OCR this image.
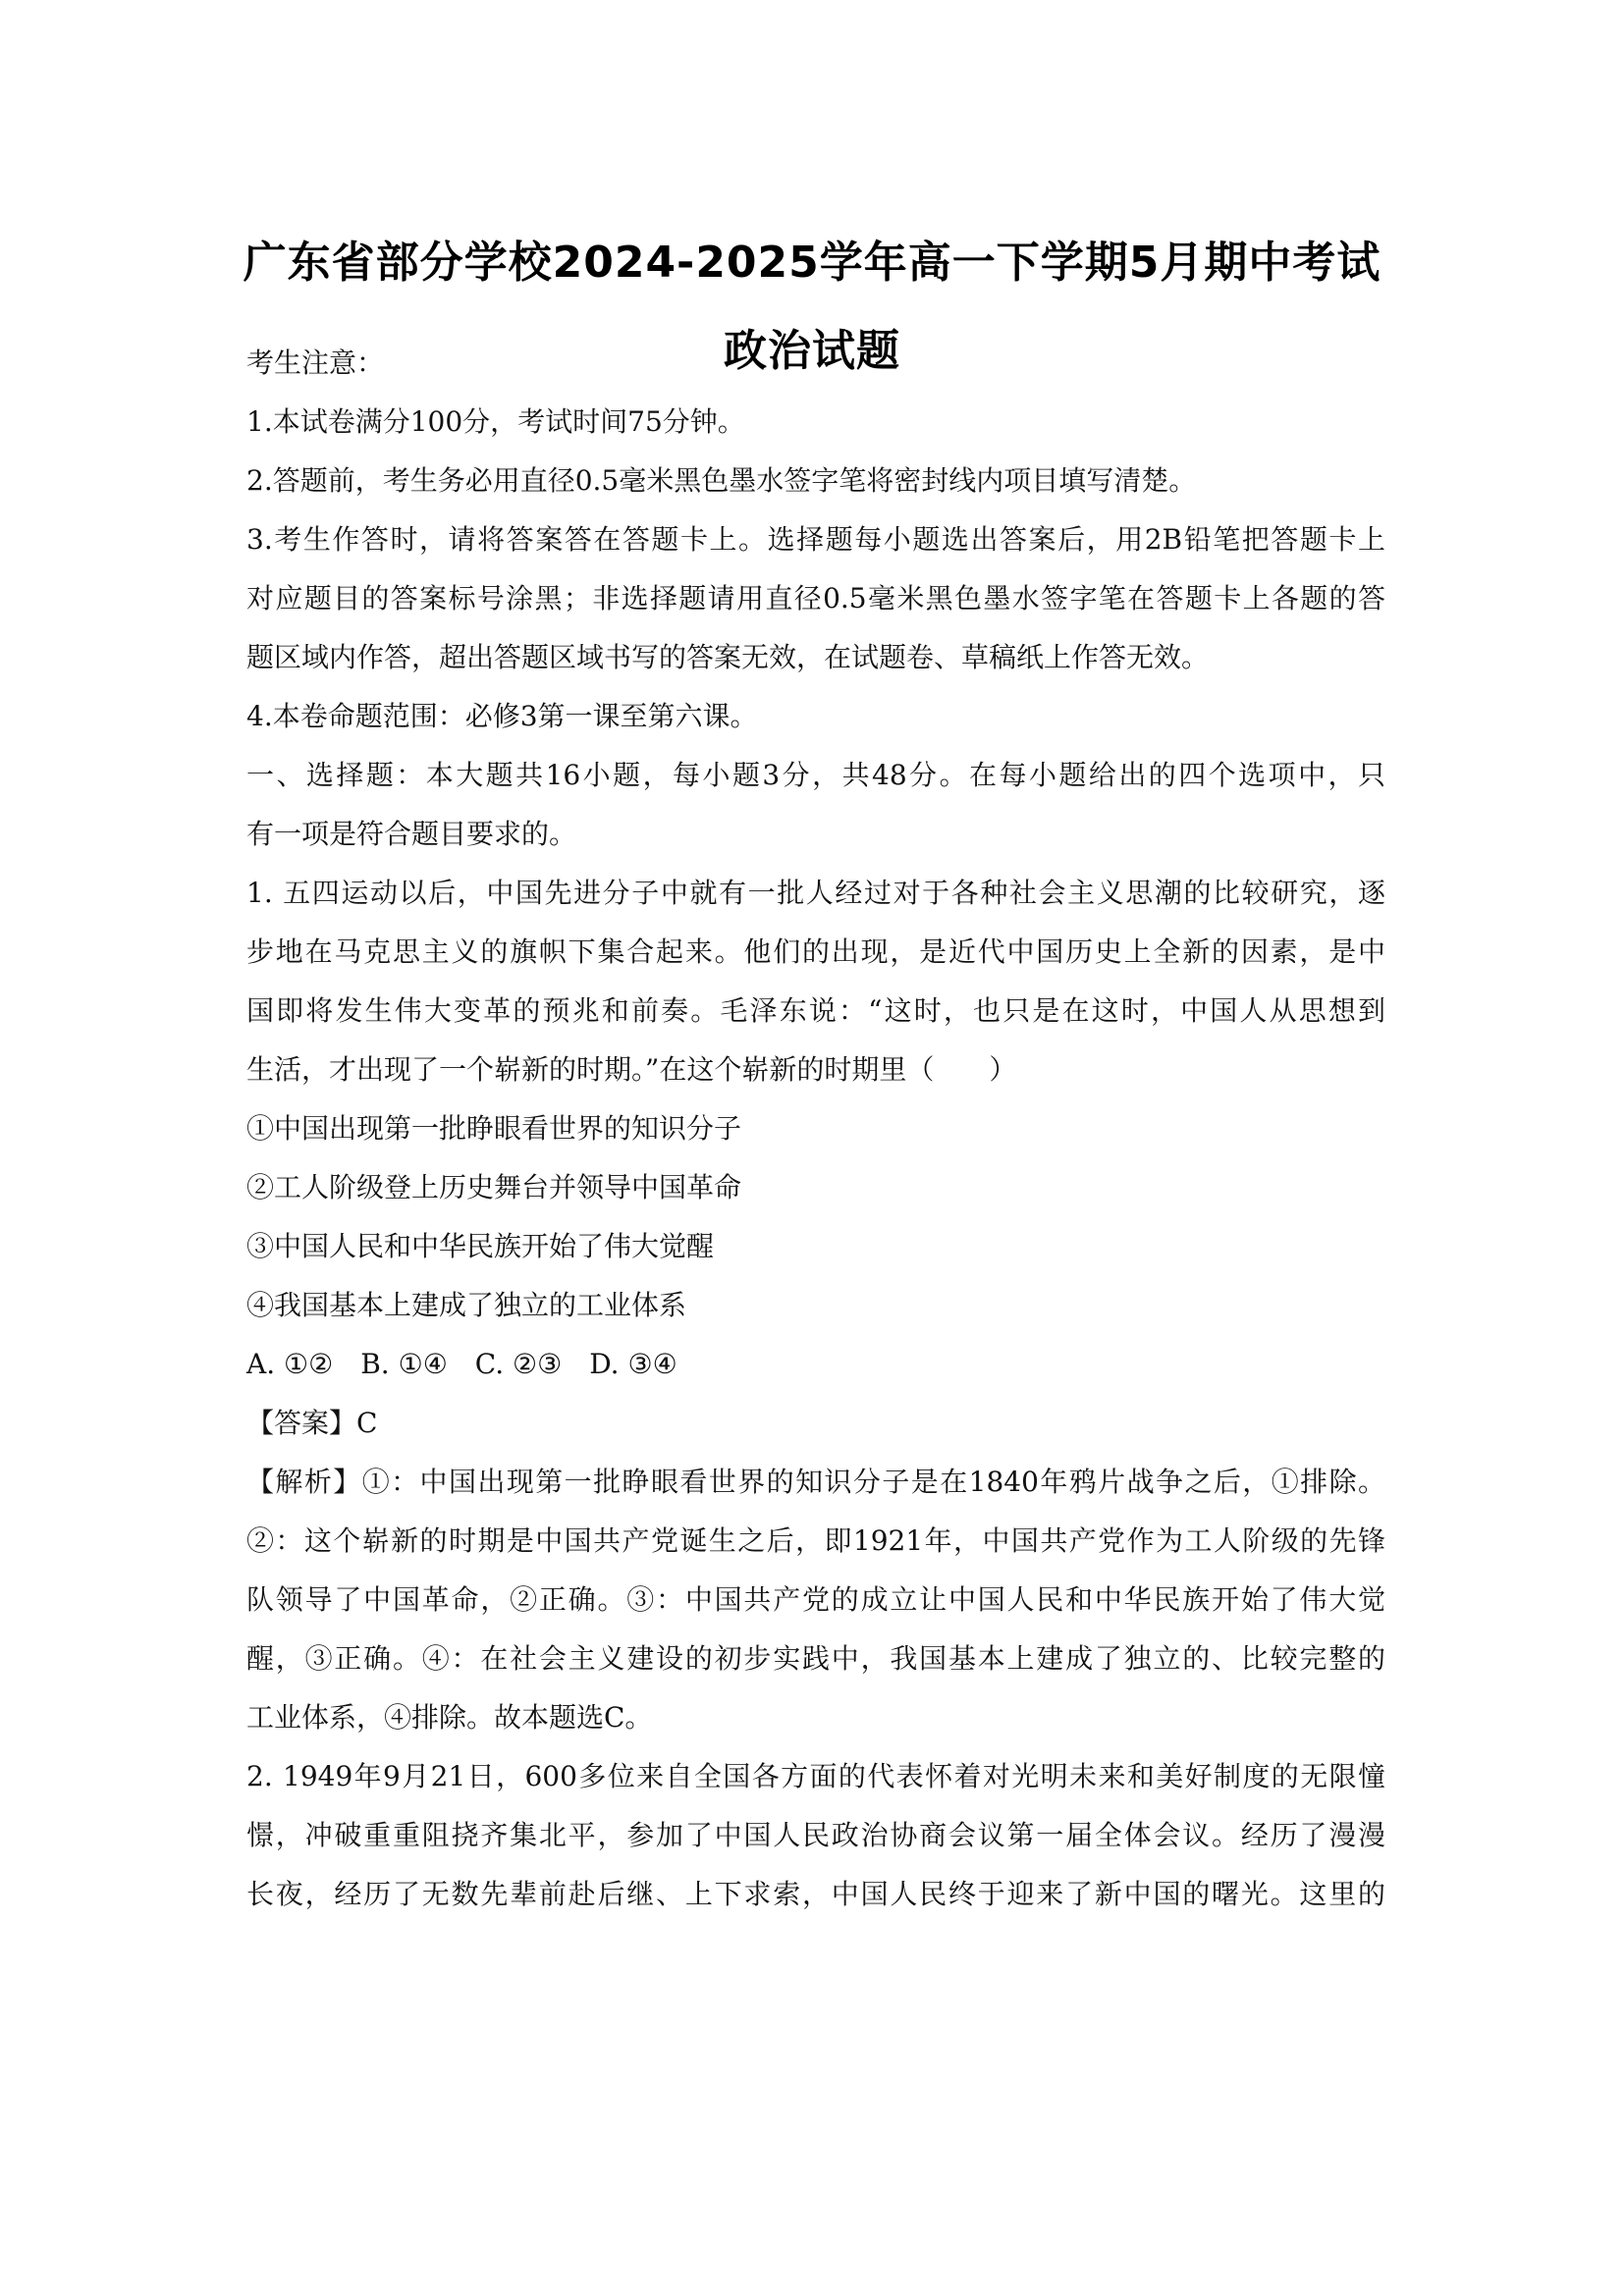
广东省部分学校2024-2025学年高一下学期5月期中考试
政治试题
考生注意：
1.本试卷满分100分，考试时间75分钟。
2.答题前，考生务必用直径0.5毫米黑色墨水签字笔将密封线内项目填写清楚。
3.考生作答时，请将答案答在答题卡上。选择题每小题选出答案后，用2B铅笔把答题卡上
对应题目的答案标号涂黑；非选择题请用直径0.5毫米黑色墨水签字笔在答题卡上各题的答
题区域内作答，超出答题区域书写的答案无效，在试题卷、草稿纸上作答无效。
4.本卷命题范围：必修3第一课至第六课。
一、选择题：本大题共16小题，每小题3分，共48分。在每小题给出的四个选项中，只
有一项是符合题目要求的。
1. 五四运动以后，中国先进分子中就有一批人经过对于各种社会主义思潮的比较研究，逐
步地在马克思主义的旗帜下集合起来。他们的出现，是近代中国历史上全新的因素，是中
国即将发生伟大变革的预兆和前奏。毛泽东说：“这时，也只是在这时，中国人从思想到
生活，才出现了一个崭新的时期。”在这个崭新的时期里（　　）
①中国出现第一批睁眼看世界的知识分子
②工人阶级登上历史舞台并领导中国革命
③中国人民和中华民族开始了伟大觉醒
④我国基本上建成了独立的工业体系
A. ①②　B. ①④　C. ②③　D. ③④
【答案】C
【解析】①：中国出现第一批睁眼看世界的知识分子是在1840年鸦片战争之后，①排除。
②：这个崭新的时期是中国共产党诞生之后，即1921年，中国共产党作为工人阶级的先锋
队领导了中国革命，②正确。③：中国共产党的成立让中国人民和中华民族开始了伟大觉
醒，③正确。④：在社会主义建设的初步实践中，我国基本上建成了独立的、比较完整的
工业体系，④排除。故本题选C。
2. 1949年9月21日，600多位来自全国各方面的代表怀着对光明未来和美好制度的无限憧
憬，冲破重重阻挠齐集北平，参加了中国人民政治协商会议第一届全体会议。经历了漫漫
长夜，经历了无数先辈前赴后继、上下求索，中国人民终于迎来了新中国的曙光。这里的
